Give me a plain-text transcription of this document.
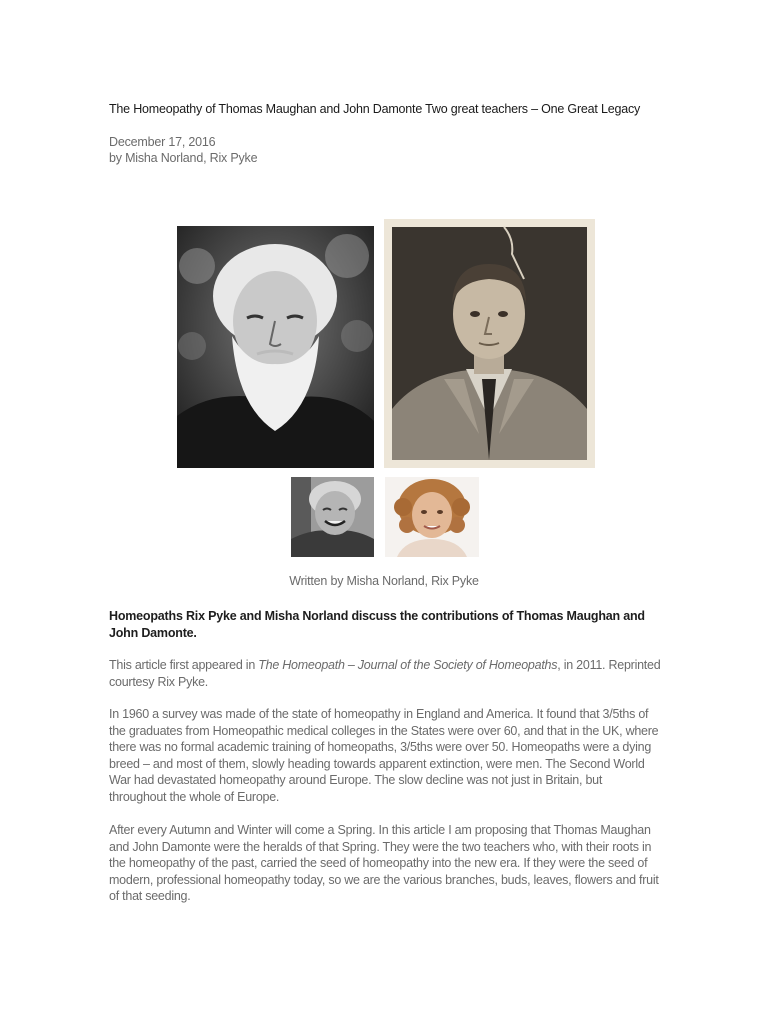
The Homeopathy of Thomas Maughan and John Damonte Two great teachers – One Great Legacy
December 17, 2016
by Misha Norland, Rix Pyke
Written by Misha Norland, Rix Pyke
Homeopaths Rix Pyke and Misha Norland discuss the contributions of Thomas Maughan and John Damonte.

This article first appeared in The Homeopath – Journal of the Society of Homeopaths, in 2011. Reprinted courtesy Rix Pyke.

In 1960 a survey was made of the state of homeopathy in England and America. It found that 3/5ths of the graduates from Homeopathic medical colleges in the States were over 60, and that in the UK, where there was no formal academic training of homeopaths, 3/5ths were over 50. Homeopaths were a dying breed – and most of them, slowly heading towards apparent extinction, were men. The Second World War had devastated homeopathy around Europe. The slow decline was not just in Britain, but throughout the whole of Europe.

After every Autumn and Winter will come a Spring. In this article I am proposing that Thomas Maughan and John Damonte were the heralds of that Spring. They were the two teachers who, with their roots in the homeopathy of the past, carried the seed of homeopathy into the new era. If they were the seed of modern, professional homeopathy today, so we are the various branches, buds, leaves, flowers and fruit of that seeding.
